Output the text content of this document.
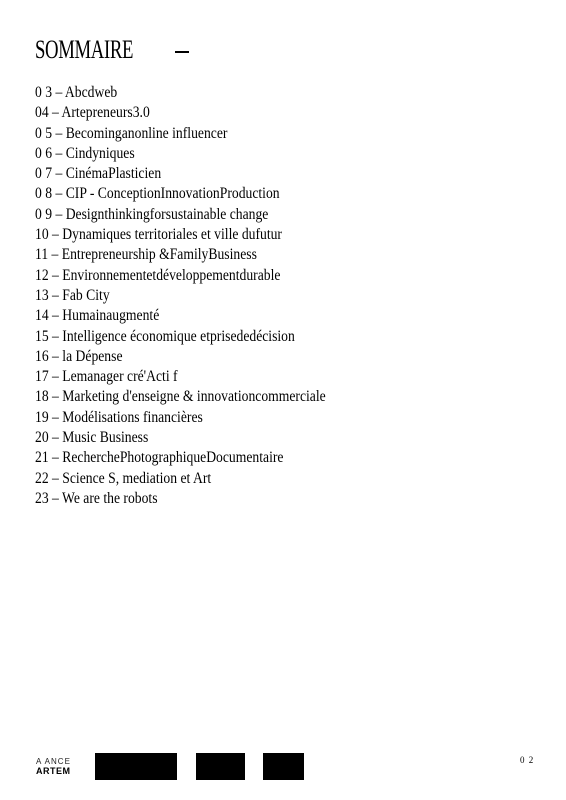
SOMMAIRE
0 3 – Abcdweb
04 – Artepreneurs3.0
0 5 – Becominganonline influencer
0 6 – Cindyniques
0 7 – CinémaPlasticien
0 8 – CIP - ConceptionInnovationProduction
0 9 – Designthinkingforsustainable change
10 – Dynamiques territoriales et ville dufutur
11 – Entrepreneurship &FamilyBusiness
12 – Environnementetdéveloppementdurable
13 – Fab City
14 – Humainaugmenté
15 – Intelligence économique etprisededécision
16 – la Dépense
17 – Lemanager cré'Acti f
18 – Marketing d'enseigne & innovationcommerciale
19 – Modélisations financières
20 – Music Business
21 – RecherchePhotographiqueDocumentaire
22 – Science S, mediation et Art
23 – We are the robots
A ANCE
ARTEM
0 2
